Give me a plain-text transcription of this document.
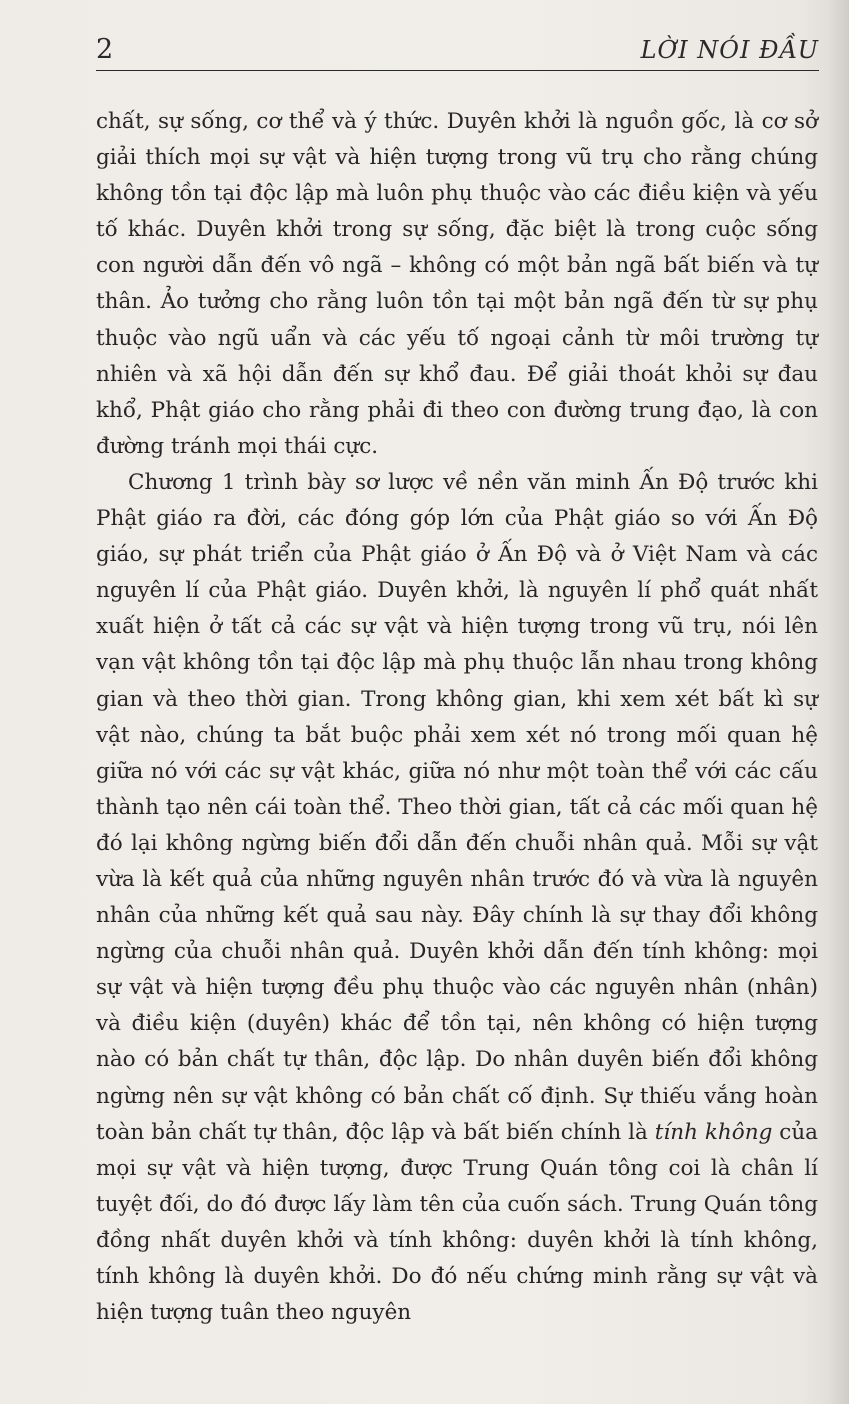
2	LỜI NÓI ĐẦU

chất, sự sống, cơ thể và ý thức. Duyên khởi là nguồn gốc, là cơ sở giải thích mọi sự vật và hiện tượng trong vũ trụ cho rằng chúng không tồn tại độc lập mà luôn phụ thuộc vào các điều kiện và yếu tố khác. Duyên khởi trong sự sống, đặc biệt là trong cuộc sống con người dẫn đến vô ngã – không có một bản ngã bất biến và tự thân. Ảo tưởng cho rằng luôn tồn tại một bản ngã đến từ sự phụ thuộc vào ngũ uẩn và các yếu tố ngoại cảnh từ môi trường tự nhiên và xã hội dẫn đến sự khổ đau. Để giải thoát khỏi sự đau khổ, Phật giáo cho rằng phải đi theo con đường trung đạo, là con đường tránh mọi thái cực.

Chương 1 trình bày sơ lược về nền văn minh Ấn Độ trước khi Phật giáo ra đời, các đóng góp lớn của Phật giáo so với Ấn Độ giáo, sự phát triển của Phật giáo ở Ấn Độ và ở Việt Nam và các nguyên lí của Phật giáo. Duyên khởi, là nguyên lí phổ quát nhất xuất hiện ở tất cả các sự vật và hiện tượng trong vũ trụ, nói lên vạn vật không tồn tại độc lập mà phụ thuộc lẫn nhau trong không gian và theo thời gian. Trong không gian, khi xem xét bất kì sự vật nào, chúng ta bắt buộc phải xem xét nó trong mối quan hệ giữa nó với các sự vật khác, giữa nó như một toàn thể với các cấu thành tạo nên cái toàn thể. Theo thời gian, tất cả các mối quan hệ đó lại không ngừng biến đổi dẫn đến chuỗi nhân quả. Mỗi sự vật vừa là kết quả của những nguyên nhân trước đó và vừa là nguyên nhân của những kết quả sau này. Đây chính là sự thay đổi không ngừng của chuỗi nhân quả. Duyên khởi dẫn đến tính không: mọi sự vật và hiện tượng đều phụ thuộc vào các nguyên nhân (nhân) và điều kiện (duyên) khác để tồn tại, nên không có hiện tượng nào có bản chất tự thân, độc lập. Do nhân duyên biến đổi không ngừng nên sự vật không có bản chất cố định. Sự thiếu vắng hoàn toàn bản chất tự thân, độc lập và bất biến chính là tính không của mọi sự vật và hiện tượng, được Trung Quán tông coi là chân lí tuyệt đối, do đó được lấy làm tên của cuốn sách. Trung Quán tông đồng nhất duyên khởi và tính không: duyên khởi là tính không, tính không là duyên khởi. Do đó nếu chứng minh rằng sự vật và hiện tượng tuân theo nguyên
